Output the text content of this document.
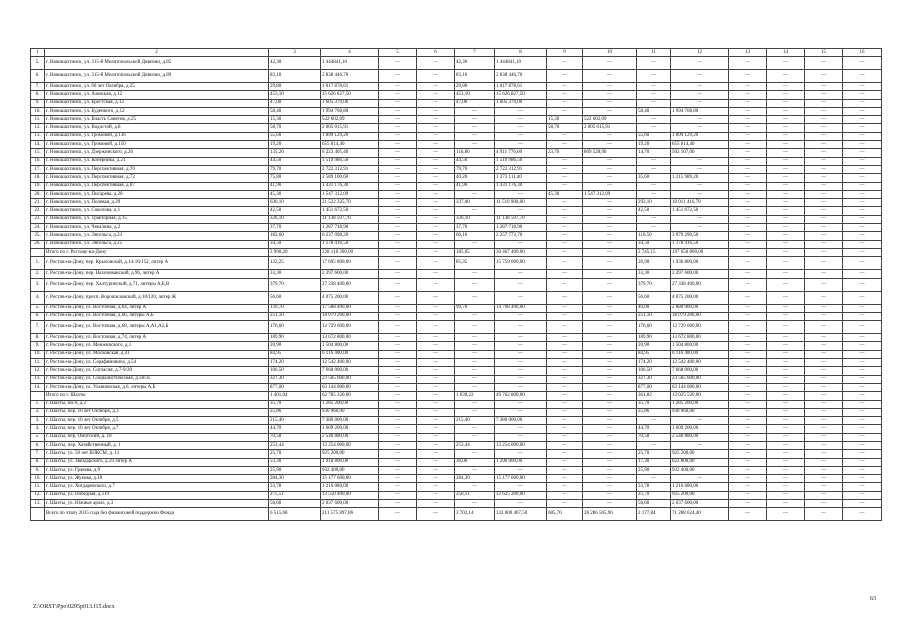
1	2	3	4	5	6	7	8	9	10	11	12	13	14	15	16
5.	г. Новошахтинск, ул. 315-й Мелитопольской Дивизии, д.85	42,30	1 444841,10	—	—	42,30	1 444841,10	—	—	—	—	—	—	—	—
6.	г. Новошахтинск, ул. 315-й Мелитопольской Дивизии, д.89	83,10	2 838 446,70	—	—	83,10	2 838 446,70	—	—	—	—	—	—	—	—
7.	г. Новошахтинск, ул. 60 лет Октября, д.25	29,80	1 017 878,61	—	—	29,80	1 017 878,61	—	—	—	—	—	—	—	—
8.	г. Новошахтинск, ул. Азовская, д.12	453,10	15 626 827,50	—	—	453,10	15 626 827,50	—	—	—	—	—	—	—	—
9.	г. Новошахтинск, ул. Брестская, д.12	47,00	1 605 379,00	—	—	47,00	1 605 379,00	—	—	—	—	—	—	—	—
10.	г. Новошахтинск, ул. Буденного, д.12	58,40	1 994 768,80	—	—	—	—	—	—	58,40	1 994 768,80	—	—	—	—
11.	г. Новошахтинск, ул. Власть Советов, д.25	15,30	522 602,09	—	—	—	—	15,30	522 602,09	—	—	—	—	—	—
12.	г. Новошахтинск, ул. Водостой, д.8	58,70	2 005 015,91	—	—	—	—	58,70	2 005 015,91	—	—	—	—	—	—
13.	г. Новошахтинск, ул. Громовой, д.136	55,60	1 899 129,20	—	—	—	—	—	—	55,60	1 899 129,20	—	—	—	—
14.	г. Новошахтинск, ул. Громовой, д.150	19,20	655 814,40	—	—	—	—	—	—	19,20	655 814,40	—	—	—	—
15.	г. Новошахтинск, ул. Дзержинского, д.20	135,20	6 223 405,40	—	—	116,80	4 911 776,60	23,70	809 528,90	14,70	502 107,00	—	—	—	—
16.	г. Новошахтинск, ул. Коперника, д.21	44,50	1 519 986,50	—	—	44,50	1 519 986,50	—	—	—	—	—	—	—	—
17.	г. Новошахтинск, ул. Перспективная, д.70	79,70	2 722 312,91	—	—	79,70	2 722 312,91	—	—	—	—	—	—	—	—
18.	г. Новошахтинск, ул. Перспективная, д.72	75,80	2 589 100,60	—	—	40,20	1 373 111,40	—	—	35,60	1 215 989,20	—	—	—	—
19.	г. Новошахтинск, ул. Перспективная, д.87	41,90	1 431 176,30	—	—	41,90	1 431 176,30	—	—	—	—	—	—	—	—
20.	г. Новошахтинск, ул. Писарева, д.28	45,30	1 547 312,09	—	—	—	—	45,30	1 547 312,09	—	—	—	—	—	—
21.	г. Новошахтинск, ул. Полевая, д.29	630,10	21 522 325,70	—	—	337,00	11 510 900,60	—	—	293,10	10 011 416,70	—	—	—	—
22.	г. Новошахтинск, ул. Соколова, д.1	42,50	1 451 672,50	—	—	—	—	—	—	42,50	1 451 672,50	—	—	—	—
23.	г. Новошахтинск, ул. Тракторная, д.15	326,10	11 138 597,70	—	—	326,10	11 138 597,70	—	—	—	—	—	—	—	—
24.	г. Новошахтинск, ул. Чекалина, д.2	37,70	1 287 718,90	—	—	37,70	1 287 718,90	—	—	—	—	—	—	—	—
25.	г. Новошахтинск, ул. Энгельса, д.23	182,60	6 237 098,20	—	—	66,10	2 257 773,70	—	—	116,50	3 979 290,50	—	—	—	—
26.	г. Новошахтинск, ул. Энгельса, д.25	34,50	1 178 416,50	—	—	—	—	—	—	34,50	1 178 416,50	—	—	—	—
	Итого по г. Ростову-на-Дону	3 990,20	228 118 300,00	—	—	185,05	30 467 400,00	—	—	2 745,15	197 650 800,00	—	—	—	—
1.	г. Ростов-на-Дону, пер. Крыловской, д.14-16/152, литер А	122,25	17 695 800,00	—	—	85,35	15 759 000,00	—	—	26,90	1 936 800,00	—	—	—	—
2.	г. Ростов-на-Дону, пер. Нахичеванский, д.96, литер А	33,30	2 397 600,00	—	—	—	—	—	—	33,30	2 397 600,00	—	—	—	—
3.	г. Ростов-на-Дону, пер. Халтуринский, д.71, литеры А,Б,В	379,70	27 338 400,00	—	—	—	—	—	—	379,70	27 338 400,00	—	—	—	—
4.	г. Ростов-на-Дону, просп. Ворошиловский, д.10/120, литер Ж	56,60	4 075 200,00	—	—	—	—	—	—	56,60	4 075 200,00	—	—	—	—
5.	г. Ростов-на-Дону, ул. Восточная, д.64, литер А	139,70	17 588 400,00	—	—	99,70	14 708 400,00	—	—	40,00	2 880 000,00	—	—	—	—
6.	г. Ростов-на-Дону, ул. Восточная, д.66, литеры А,Б	251,10	18 079 200,00	—	—	—	—	—	—	251,10	18 079 200,00	—	—	—	—
7.	г. Ростов-на-Дону, ул. Восточная, д.68, литеры А,А1,А2,Б	176,60	12 729 600,00	—	—	—	—	—	—	176,60	12 729 600,00	—	—	—	—
8.	г. Ростов-на-Дону, ул. Восточная, д.74, литер А	189,90	13 672 800,00	—	—	—	—	—	—	189,90	13 672 800,00	—	—	—	—
9.	г. Ростов-на-Дону, ул. Менжинского, д.1	20,90	1 504 800,00	—	—	—	—	—	—	20,90	1 504 800,00	—	—	—	—
10.	г. Ростов-на-Дону, ул. Московская, д.41	84,95	6 116 400,00	—	—	—	—	—	—	84,95	6 116 400,00	—	—	—	—
11.	г. Ростов-на-Дону, ул. Серафимовича, д.54	174,20	12 542 400,00	—	—	—	—	—	—	174,20	12 542 400,00	—	—	—	—
12.	г. Ростов-на-Дону, ул. Согласия, д.7-9/20	106,50	7 668 000,00	—	—	—	—	—	—	106,50	7 668 000,00	—	—	—	—
13.	г. Ростов-на-Дону, ул. Социалистическая, д.58/35	327,30	23 565 600,00	—	—	—	—	—	—	327,30	23 565 600,00	—	—	—	—
14.	г. Ростов-на-Дону, ул. Ульяновская, д.6, литеры А,Б	877,00	63 144 000,00	—	—	—	—	—	—	877,00	63 144 000,00	—	—	—	—
	Итого по г. Шахты	1 401,04	62 785 320,00	—	—	1 039,22	49 762 800,00	—	—	361,82	13 025 520,00	—	—	—	—
1.	г. Шахты, пм 6, д.2	35,70	1 285 200,00	—	—	—	—	—	—	35,70	1 285 200,00	—	—	—	—
2.	г. Шахты, пер. 10 лет Октября, д.3	25,86	930 960,00	—	—	—	—	—	—	25,86	930 960,00	—	—	—	—
3.	г. Шахты, пер. 10 лет Октября, д.5	215,40	7 380 000,00	—	—	215,40	7 380 000,00	—	—	—	—	—	—	—	—
4.	г. Шахты, пер. 10 лет Октября, д.7	44,70	1 609 200,00	—	—	—	—	—	—	44,70	1 609 200,00	—	—	—	—
5.	г. Шахты, пер. Омотский, д. 18	70,58	2 540 880,00	—	—	—	—	—	—	70,58	2 540 880,00	—	—	—	—
6.	г. Шахты, пер. Хозяйственный, д. 1	253,44	13 254 000,00	—	—	253,44	13 254 000,00	—	—	—	—	—	—	—	—
7.	г. Шахты, ул. 50 лет ВЛКСМ, д. 11	25,70	925 200,00	—	—	—	—	—	—	25,70	925 200,00	—	—	—	—
8.	г. Шахты, ул. Звездарского, д.59 литер А	53,30	1 918 800,00	—	—	36,00	1 296 000,00	—	—	17,30	622 800,00	—	—	—	—
9.	г. Шахты, ул. Грачева, д.9	25,90	932 400,00	—	—	—	—	—	—	25,90	932 400,00	—	—	—	—
10.	г. Шахты, ул. Жукова, д.18	284,30	15 177 600,00	—	—	284,30	15 177 600,00	—	—	—	—	—	—	—	—
11.	г. Шахты, ул. Хотдаревского, д.7	33,78	1 216 080,00	—	—	—	—	—	—	33,78	1 216 080,00	—	—	—	—
12.	г. Шахты, ул. Победная, д.119	275,51	13 550 400,00	—	—	250,11	12 625 200,00	—	—	25,70	925 200,00	—	—	—	—
13.	г. Шахты, ул. Южные архаз, д.3	56,60	2 037 600,00	—	—	—	—	—	—	56,60	2 037 600,00	—	—	—	—
	Всего по этапу 2015 года без финансовой поддержки Фонда	6 515,68	211 575 897,86	—	—	3 702,14	132 000 407,50	685,70	28 286 565,96	2 177,84	71 288 624,40	—	—	—	—
Z:\ORST\Ppo\0205p013.f15.docx
63
